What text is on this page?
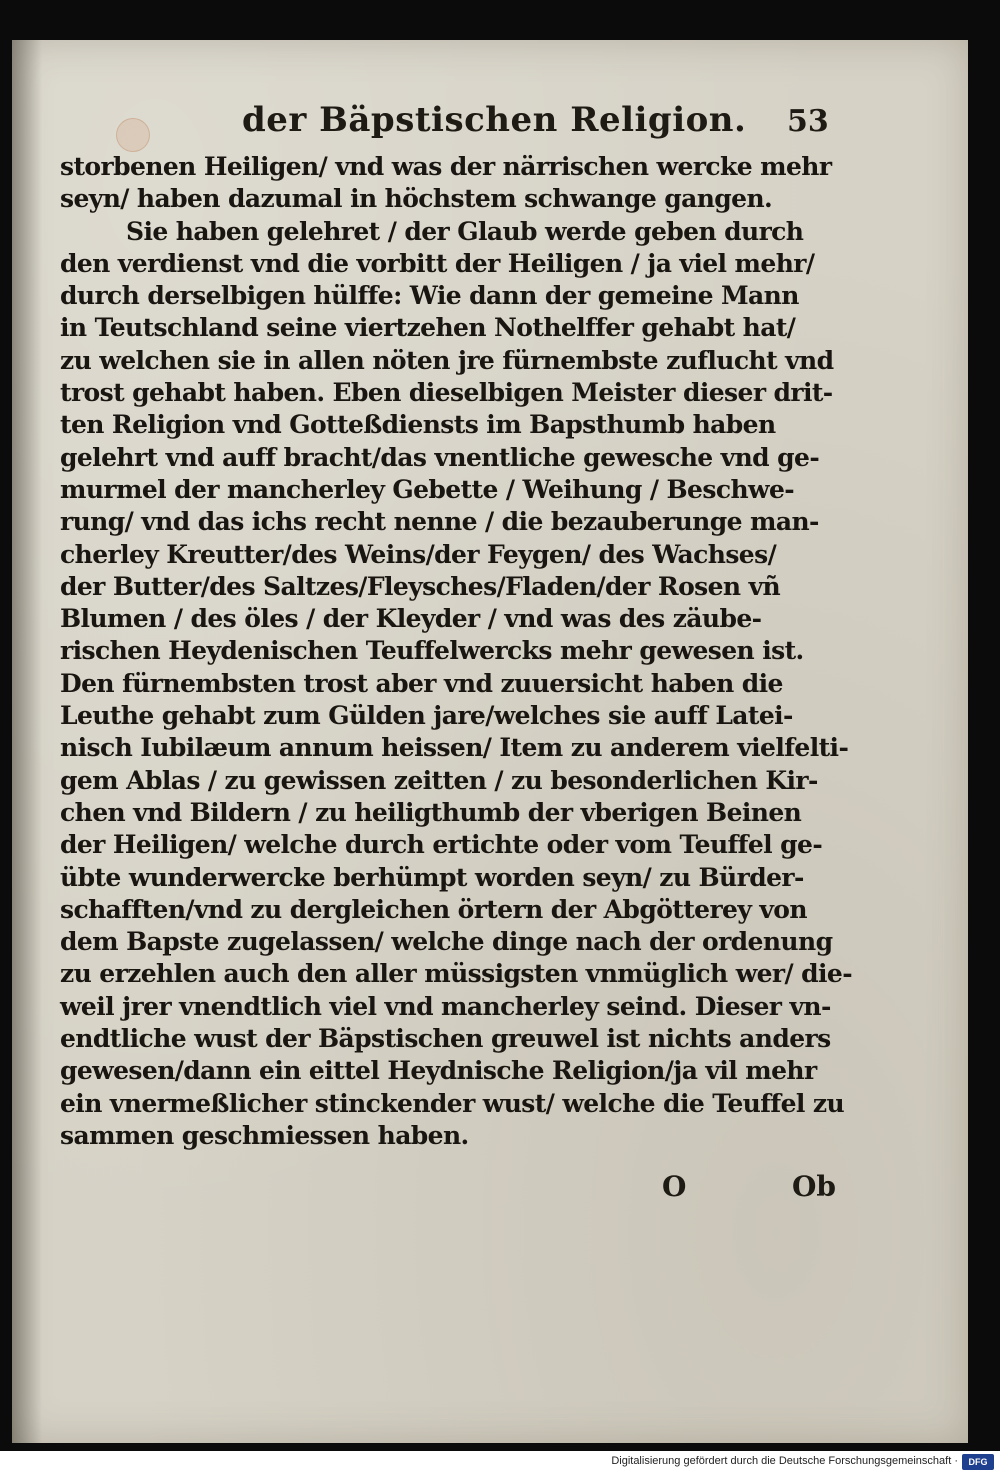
der Bäpstischen Religion.	53
storbenen Heiligen/ vnd was der närrischen wercke mehr
seyn/ haben dazumal in höchstem schwange gangen.
Sie haben gelehret / der Glaub werde geben durch
den verdienst vnd die vorbitt der Heiligen / ja viel mehr/
durch derselbigen hülffe: Wie dann der gemeine Mann
in Teutschland seine viertzehen Nothelffer gehabt hat/
zu welchen sie in allen nöten jre fürnembste zuflucht vnd
trost gehabt haben. Eben dieselbigen Meister dieser drit-
ten Religion vnd Gotteßdiensts im Bapsthumb haben
gelehrt vnd auff bracht/das vnentliche gewesche vnd ge-
murmel der mancherley Gebette / Weihung / Beschwe-
rung/ vnd das ichs recht nenne / die bezauberunge man-
cherley Kreutter/des Weins/der Feygen/ des Wachses/
der Butter/des Saltzes/Fleysches/Fladen/der Rosen vñ
Blumen / des öles / der Kleyder / vnd was des zäube-
rischen Heydenischen Teuffelwercks mehr gewesen ist.
Den fürnembsten trost aber vnd zuuersicht haben die
Leuthe gehabt zum Gülden jare/welches sie auff Latei-
nisch Iubilæum annum heissen/ Item zu anderem vielfelti-
gem Ablas / zu gewissen zeitten / zu besonderlichen Kir-
chen vnd Bildern / zu heiligthumb der vberigen Beinen
der Heiligen/ welche durch ertichte oder vom Teuffel ge-
übte wunderwercke berhümpt worden seyn/ zu Bürder-
schafften/vnd zu dergleichen örtern der Abgötterey von
dem Bapste zugelassen/ welche dinge nach der ordenung
zu erzehlen auch den aller müssigsten vnmüglich wer/ die-
weil jrer vnendtlich viel vnd mancherley seind. Dieser vn-
endtliche wust der Bäpstischen greuwel ist nichts anders
gewesen/dann ein eittel Heydnische Religion/ja vil mehr
ein vnermeßlicher stinckender wust/ welche die Teuffel zu
sammen geschmiessen haben.
O	Ob
Digitalisierung gefördert durch die Deutsche Forschungsgemeinschaft ·	DFG
